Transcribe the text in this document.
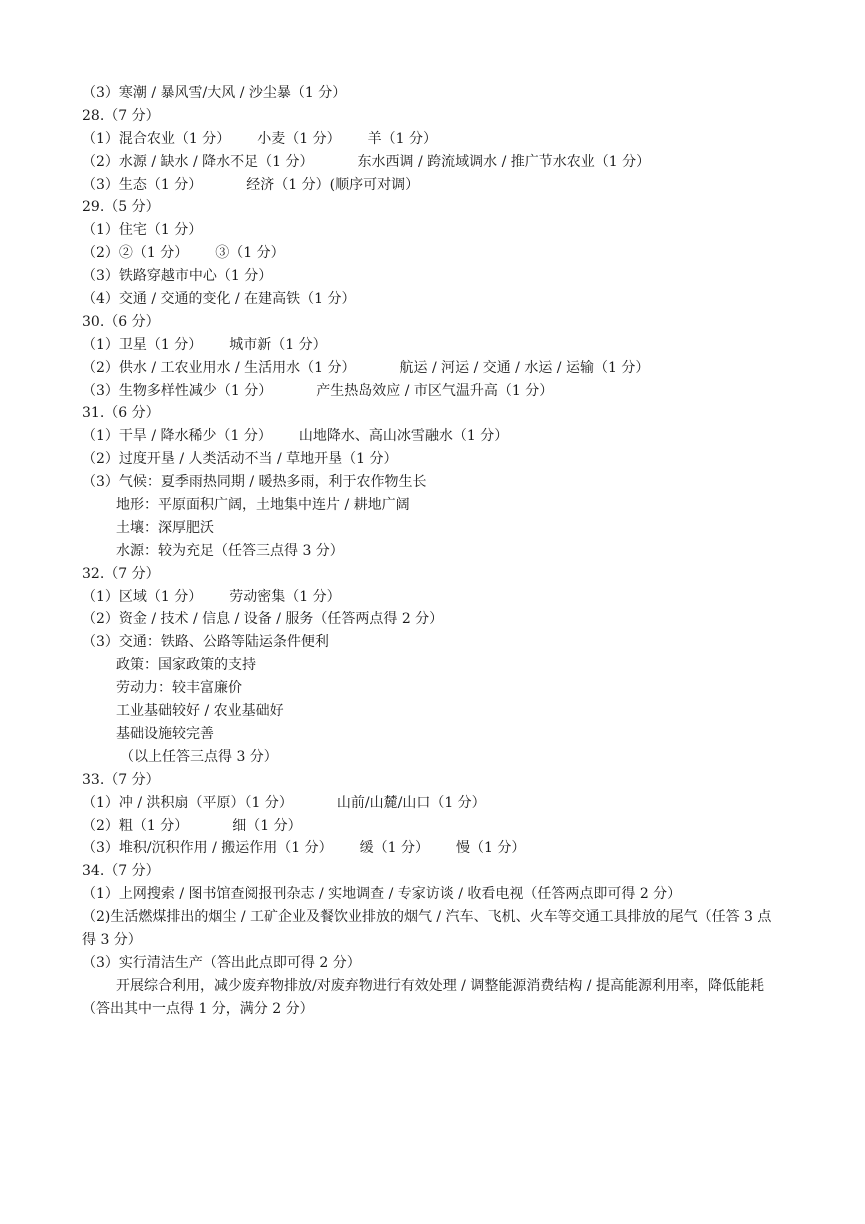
（3）寒潮 / 暴风雪/大风 / 沙尘暴（1 分）
28.（7 分）
（1）混合农业（1 分） 小麦（1 分） 羊（1 分）
（2）水源 / 缺水 / 降水不足（1 分）	东水西调 / 跨流域调水 / 推广节水农业（1 分）
（3）生态（1 分）	经济（1 分）(顺序可对调）
29.（5 分）
（1）住宅（1 分）
（2）②（1 分） ③（1 分）
（3）铁路穿越市中心（1 分）
（4）交通 / 交通的变化 / 在建高铁（1 分）
30.（6 分）
（1）卫星（1 分） 城市新（1 分）
（2）供水 / 工农业用水 / 生活用水（1 分）	航运 / 河运 / 交通 / 水运 / 运输（1 分）
（3）生物多样性减少（1 分）	产生热岛效应 / 市区气温升高（1 分）
31.（6 分）
（1）干旱 / 降水稀少（1 分） 山地降水、高山冰雪融水（1 分）
（2）过度开垦 / 人类活动不当 / 草地开垦（1 分）
（3）气候：夏季雨热同期 / 暖热多雨，利于农作物生长
地形：平原面积广阔，土地集中连片 / 耕地广阔
土壤：深厚肥沃
水源：较为充足（任答三点得 3 分）
32.（7 分）
（1）区域（1 分） 劳动密集（1 分）
（2）资金 / 技术 / 信息 / 设备 / 服务（任答两点得 2 分）
（3）交通：铁路、公路等陆运条件便利
政策：国家政策的支持
劳动力：较丰富廉价
工业基础较好 / 农业基础好
基础设施较完善
（以上任答三点得 3 分）
33.（7 分）
（1）冲 / 洪积扇（平原）（1 分）	山前/山麓/山口（1 分）
（2）粗（1 分）	细（1 分）
（3）堆积/沉积作用 / 搬运作用（1 分） 缓（1 分） 慢（1 分）
34.（7 分）
（1）上网搜索 / 图书馆查阅报刊杂志 / 实地调查 / 专家访谈 / 收看电视（任答两点即可得 2 分）
（2)生活燃煤排出的烟尘 / 工矿企业及餐饮业排放的烟气 / 汽车、飞机、火车等交通工具排放的尾气（任答 3 点得 3 分）
（3）实行清洁生产（答出此点即可得 2 分）
开展综合利用，减少废弃物排放/对废弃物进行有效处理 / 调整能源消费结构 / 提高能源利用率，降低能耗（答出其中一点得 1 分，满分 2 分）
